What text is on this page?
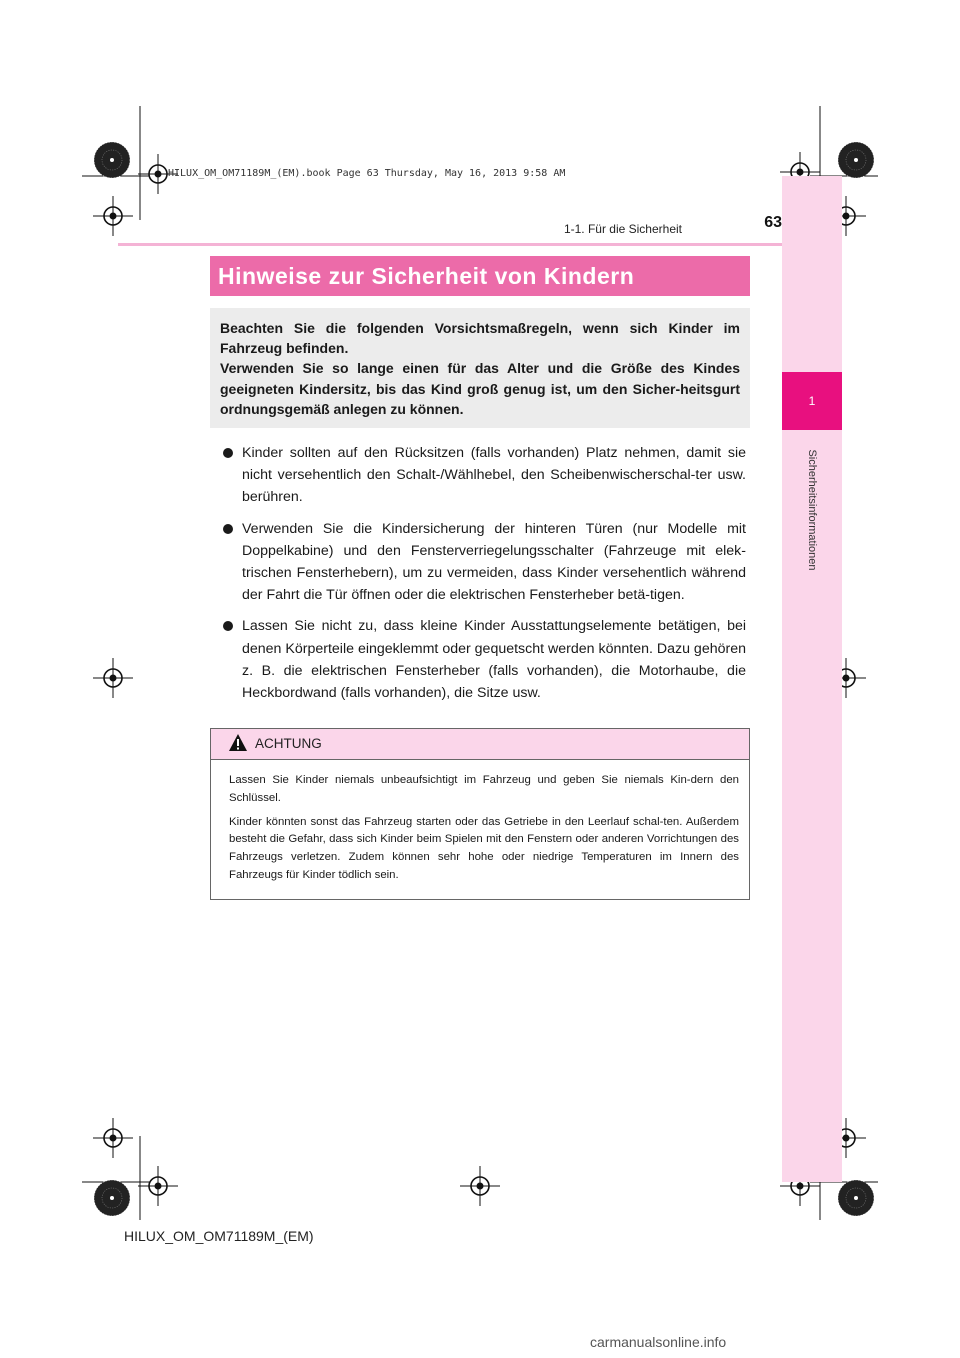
HILUX_OM_OM71189M_(EM).book Page 63 Thursday, May 16, 2013 9:58 AM
1
Sicherheitsinformationen
63
1-1. Für die Sicherheit
Hinweise zur Sicherheit von Kindern

Beachten Sie die folgenden Vorsichtsmaßregeln, wenn sich Kinder im Fahrzeug befinden.

Verwenden Sie so lange einen für das Alter und die Größe des Kindes geeigneten Kindersitz, bis das Kind groß genug ist, um den Sicher-heitsgurt ordnungsgemäß anlegen zu können.

Kinder sollten auf den Rücksitzen (falls vorhanden) Platz nehmen, damit sie nicht versehentlich den Schalt-/Wählhebel, den Scheibenwischerschal-ter usw. berühren.
Verwenden Sie die Kindersicherung der hinteren Türen (nur Modelle mit Doppelkabine) und den Fensterverriegelungsschalter (Fahrzeuge mit elek-trischen Fensterhebern), um zu vermeiden, dass Kinder versehentlich während der Fahrt die Tür öffnen oder die elektrischen Fensterheber betä-tigen.
Lassen Sie nicht zu, dass kleine Kinder Ausstattungselemente betätigen, bei denen Körperteile eingeklemmt oder gequetscht werden könnten. Dazu gehören z. B. die elektrischen Fensterheber (falls vorhanden), die Motorhaube, die Heckbordwand (falls vorhanden), die Sitze usw.
ACHTUNG

Lassen Sie Kinder niemals unbeaufsichtigt im Fahrzeug und geben Sie niemals Kin-dern den Schlüssel.

Kinder könnten sonst das Fahrzeug starten oder das Getriebe in den Leerlauf schal-ten. Außerdem besteht die Gefahr, dass sich Kinder beim Spielen mit den Fenstern oder anderen Vorrichtungen des Fahrzeugs verletzen. Zudem können sehr hohe oder niedrige Temperaturen im Innern des Fahrzeugs für Kinder tödlich sein.

HILUX_OM_OM71189M_(EM)
carmanualsonline.info
